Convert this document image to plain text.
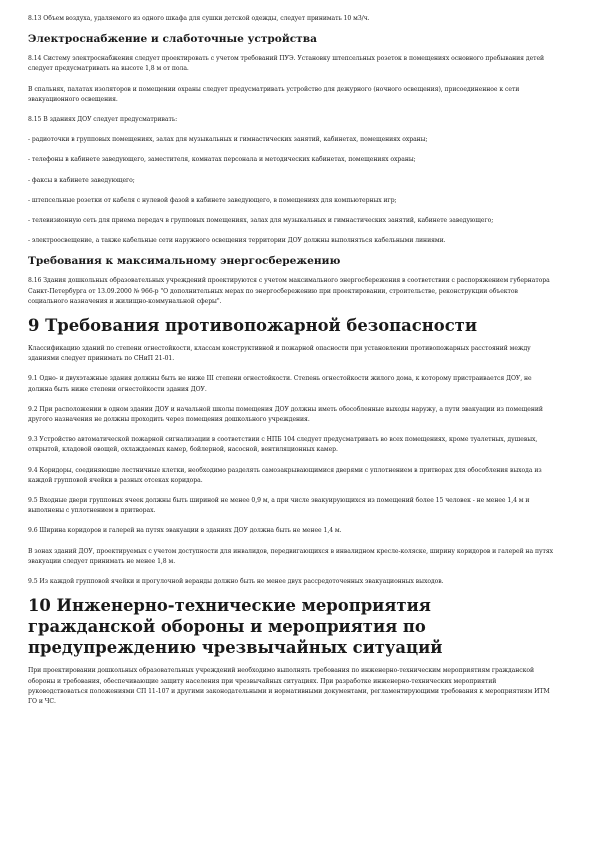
8.13 Объем воздуха, удаляемого из одного шкафа для сушки детской одежды, следует принимать 10 м3/ч.

Электроснабжение и слаботочные устройства

8.14 Систему электроснабжения следует проектировать с учетом требований ПУЭ. Установку штепсельных розеток в помещениях основного пребывания детей следует предусматривать на высоте 1,8 м от пола.

В спальнях, палатах изоляторов и помещении охраны следует предусматривать устройство для дежурного (ночного освещения), присоединенное к сети эвакуационного освещения.

8.15 В зданиях ДОУ следует предусматривать:

- радиоточки в групповых помещениях, залах для музыкальных и гимнастических занятий, кабинетах, помещениях охраны;

- телефоны в кабинете заведующего, заместителя, комнатах персонала и методических кабинетах, помещениях охраны;

- факсы в кабинете заведующего;

- штепсельные розетки от кабеля с нулевой фазой в кабинете заведующего, в помещениях для компьютерных игр;

- телевизионную сеть для приема передач в групповых помещениях, залах для музыкальных и гимнастических занятий, кабинете заведующего;

- электроосвещение, а также кабельные сети наружного освещения территории ДОУ должны выполняться кабельными линиями.

Требования к максимальному энергосбережению

8.16 Здания дошкольных образовательных учреждений проектируются с учетом максимального энергосбережения в соответствии с распоряжением губернатора Санкт-Петербурга от 13.09.2000 № 966-р "О дополнительных мерах по энергосбережению при проектировании, строительстве, реконструкции объектов социального назначения и жилищно-коммунальной сферы".

9 Требования противопожарной безопасности

Классификацию зданий по степени огнестойкости, классам конструктивной и пожарной опасности при установлении противопожарных расстояний между зданиями следует принимать по СНиП 21-01.

9.1 Одно- и двухэтажные здания должны быть не ниже III степени огнестойкости. Степень огнестойкости жилого дома, к которому пристраивается ДОУ, не должна быть ниже степени огнестойкости здания ДОУ.

9.2 При расположении в одном здании ДОУ и начальной школы помещения ДОУ должны иметь обособленные выходы наружу, а пути эвакуации из помещений другого назначения не должны проходить через помещения дошкольного учреждения.

9.3 Устройство автоматической пожарной сигнализации в соответствии с НПБ 104 следует предусматривать во всех помещениях, кроме туалетных, душевых, открытой, кладовой овощей, охлаждаемых камер, бойлерной, насосной, вентиляционных камер.

9.4 Коридоры, соединяющие лестничные клетки, необходимо разделять самозакрывающимися дверями с уплотнением в притворах для обособления выхода из каждой групповой ячейки в разных отсеках коридора.

9.5 Входные двери групповых ячеек должны быть шириной не менее 0,9 м, а при числе эвакуирующихся из помещений более 15 человек - не менее 1,4 м и выполнены с уплотнением в притворах.

9.6 Ширина коридоров и галерей на путях эвакуации в зданиях ДОУ должна быть не менее 1,4 м.

В зонах зданий ДОУ, проектируемых с учетом доступности для инвалидов, передвигающихся в инвалидном кресле-коляске, ширину коридоров и галерей на путях эвакуации следует принимать не менее 1,8 м.

9.5 Из каждой групповой ячейки и прогулочной веранды должно быть не менее двух рассредоточенных эвакуационных выходов.

10 Инженерно-технические мероприятия гражданской обороны и мероприятия по предупреждению чрезвычайных ситуаций

При проектировании дошкольных образовательных учреждений необходимо выполнять требования по инженерно-техническим мероприятиям гражданской обороны и требования, обеспечивающие защиту населения при чрезвычайных ситуациях. При разработке инженерно-технических мероприятий руководствоваться положениями СП 11-107 и другими законодательными и нормативными документами, регламентирующими требования к мероприятиям ИТМ ГО и ЧС.
